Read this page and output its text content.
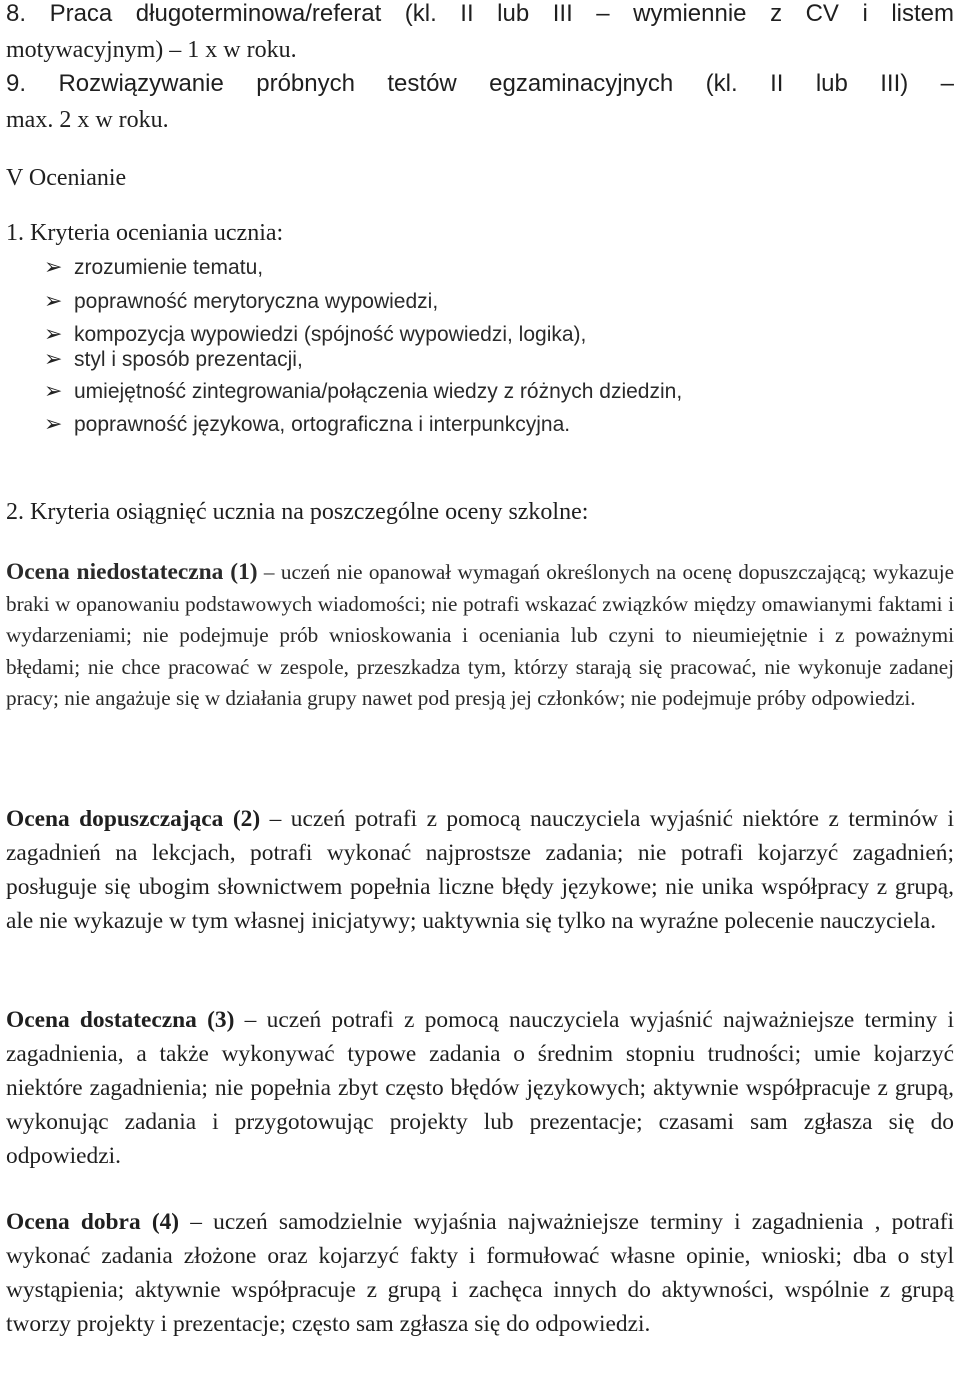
8. Praca długoterminowa/referat (kl. II lub III – wymiennie z CV i listem
motywacyjnym) – 1 x w roku.
9. Rozwiązywanie próbnych testów egzaminacyjnych (kl. II lub III) –
max. 2 x w roku.
V Ocenianie
1. Kryteria oceniania ucznia:
➢ zrozumienie tematu,
➢ poprawność merytoryczna wypowiedzi,
➢ kompozycja wypowiedzi (spójność wypowiedzi, logika),
➢ styl i sposób prezentacji,
➢ umiejętność zintegrowania/połączenia wiedzy z różnych dziedzin,
➢ poprawność językowa, ortograficzna i interpunkcyjna.
2. Kryteria osiągnięć ucznia na poszczególne oceny szkolne:
Ocena niedostateczna (1) – uczeń nie opanował wymagań określonych na ocenę dopuszczającą; wykazuje braki w opanowaniu podstawowych wiadomości; nie potrafi wskazać związków między omawianymi faktami i wydarzeniami; nie podejmuje prób wnioskowania i oceniania lub czyni to nieumiejętnie i z poważnymi błędami; nie chce pracować w zespole, przeszkadza tym, którzy starają się pracować, nie wykonuje zadanej pracy; nie angażuje się w działania grupy nawet pod presją jej członków; nie podejmuje próby odpowiedzi.
Ocena dopuszczająca (2) – uczeń potrafi z pomocą nauczyciela wyjaśnić niektóre z terminów i zagadnień na lekcjach, potrafi wykonać najprostsze zadania; nie potrafi kojarzyć zagadnień; posługuje się ubogim słownictwem popełnia liczne błędy językowe; nie unika współpracy z grupą, ale nie wykazuje w tym własnej inicjatywy; uaktywnia się tylko na wyraźne polecenie nauczyciela.
Ocena dostateczna (3) – uczeń potrafi z pomocą nauczyciela wyjaśnić najważniejsze terminy i zagadnienia, a także wykonywać typowe zadania o średnim stopniu trudności; umie kojarzyć niektóre zagadnienia; nie popełnia zbyt często błędów językowych; aktywnie współpracuje z grupą, wykonując zadania i przygotowując projekty lub prezentacje; czasami sam zgłasza się do odpowiedzi.
Ocena dobra (4) – uczeń samodzielnie wyjaśnia najważniejsze terminy i zagadnienia , potrafi wykonać zadania złożone oraz kojarzyć fakty i formułować własne opinie, wnioski; dba o styl wystąpienia; aktywnie współpracuje z grupą i zachęca innych do aktywności, wspólnie z grupą tworzy projekty i prezentacje; często sam zgłasza się do odpowiedzi.
